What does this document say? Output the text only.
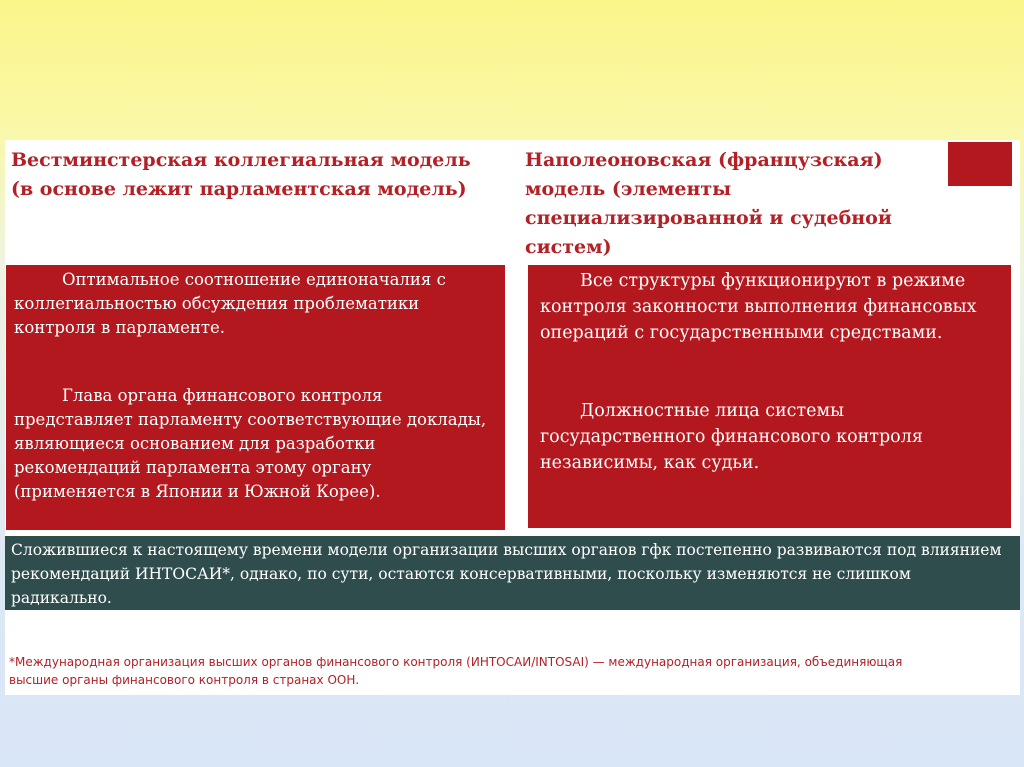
Вестминстерская коллегиальная модель (в основе лежит парламентская модель)
Наполеоновская (французская) модель (элементы специализированной и судебной систем)

Оптимальное соотношение единоначалия с коллегиальностью обсуждения проблематики контроля в парламенте.

Глава органа финансового контроля представляет парламенту соответствующие доклады, являющиеся основанием для разработки рекомендаций парламента этому органу (применяется в Японии и Южной Корее).

Все структуры функционируют в режиме контроля законности выполнения финансовых операций с государственными средствами.

Должностные лица системы государственного финансового контроля независимы, как судьи.

Сложившиеся к настоящему времени модели организации высших органов гфк постепенно развиваются под влиянием рекомендаций ИНТОСАИ*, однако, по сути, остаются консервативными, поскольку изменяются не слишком радикально.
*Международная организация высших органов финансового контроля (ИНТОСАИ/INTOSAI) — международная организация, объединяющая высшие органы финансового контроля в странах ООН.
